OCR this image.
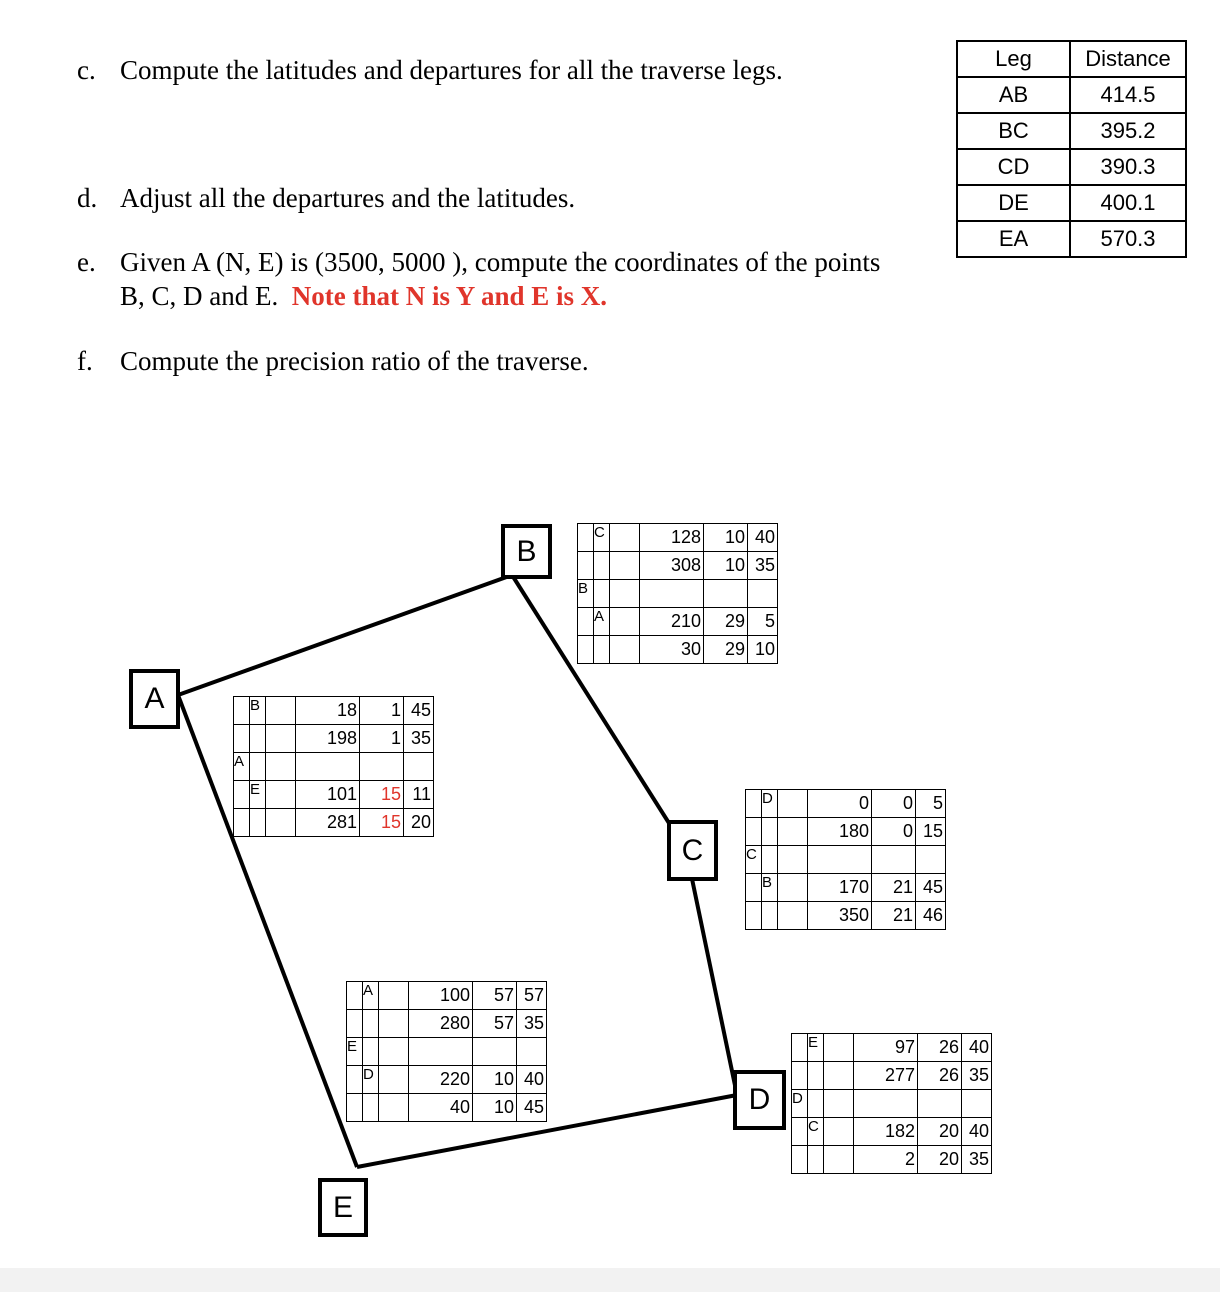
c. Compute the latitudes and departures for all the traverse legs.
d. Adjust all the departures and the latitudes.
e. Given A (N, E) is (3500, 5000 ), compute the coordinates of the points
B, C, D and E. Note that N is Y and E is X.
f. Compute the precision ratio of the traverse.
Leg	Distance
AB	414.5
BC	395.2
CD	390.3
DE	400.1
EA	570.3
A
B
C
D
E
	B		18	1	45
			198	1	35
A					
	E		101	15	11
			281	15	20
	C		128	10	40
			308	10	35
B					
	A		210	29	5
			30	29	10
	D		0	0	5
			180	0	15
C					
	B		170	21	45
			350	21	46
	A		100	57	57
			280	57	35
E					
	D		220	10	40
			40	10	45
	E		97	26	40
			277	26	35
D					
	C		182	20	40
			2	20	35
